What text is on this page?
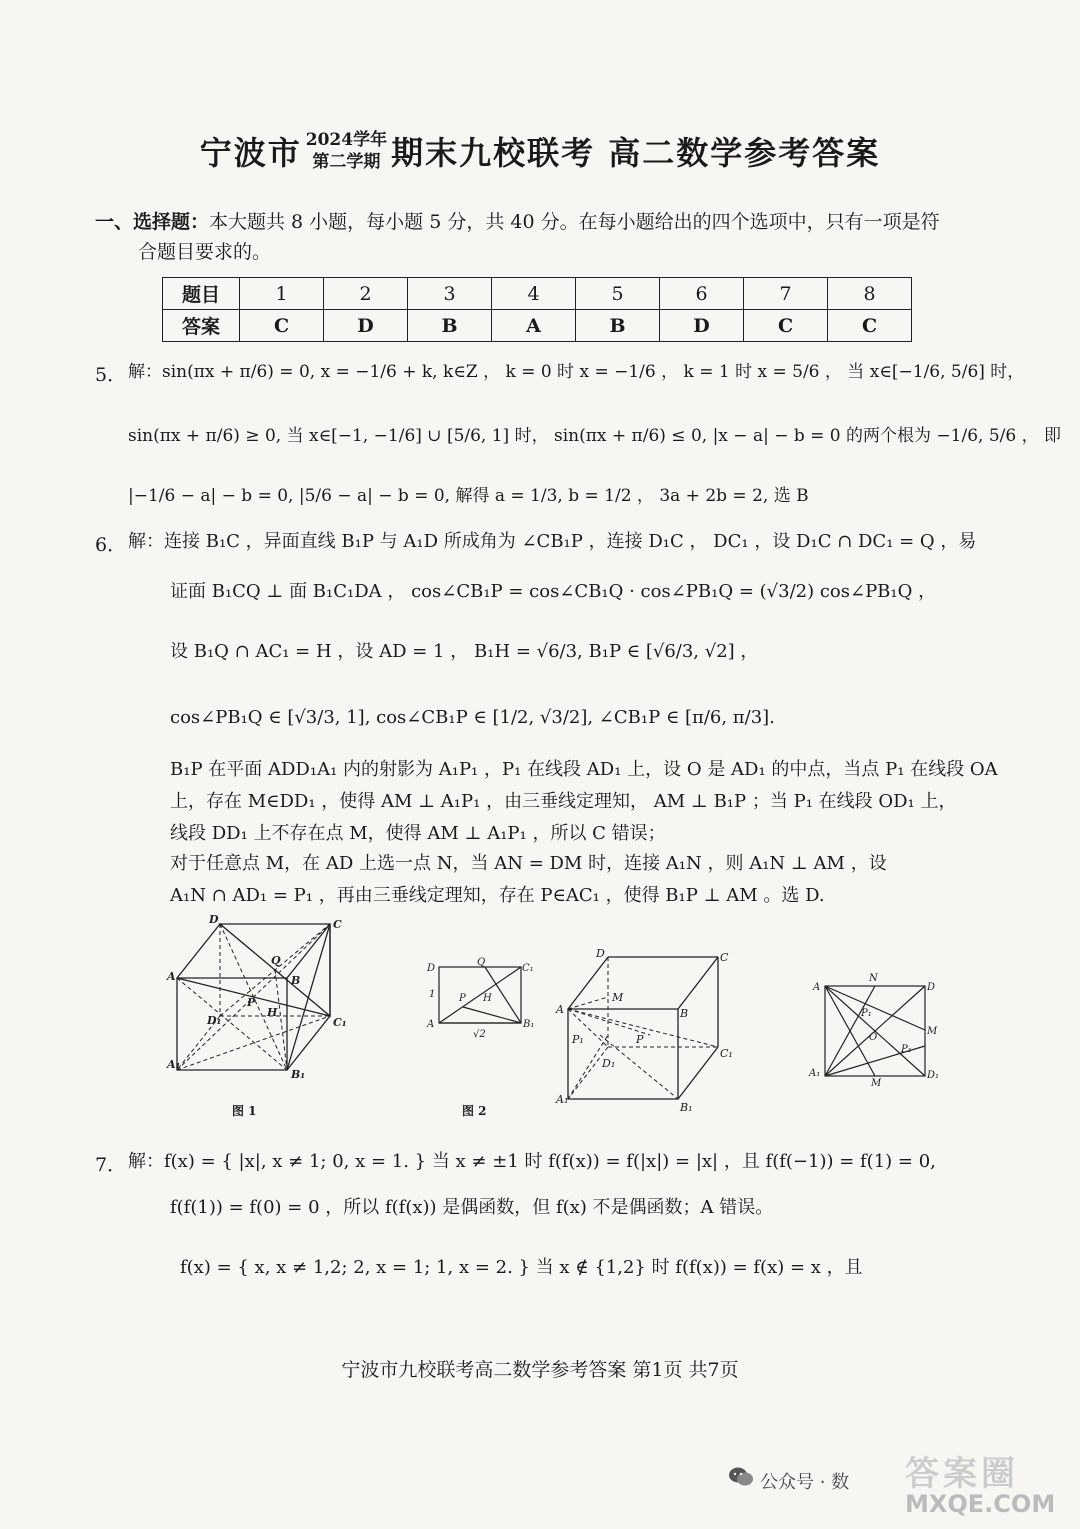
宁波市 2024学年
第二学期 期末九校联考 高二数学参考答案
一、选择题：本大题共 8 小题，每小题 5 分，共 40 分。在每小题给出的四个选项中，只有一项是符
合题目要求的。
题目	1	2	3	4	5	6	7	8
答案	C	D	B	A	B	D	C	C
5． 解：sin(πx + π/6) = 0, x = −1/6 + k, k∈Z ， k = 0 时 x = −1/6 ， k = 1 时 x = 5/6 ， 当 x∈[−1/6, 5/6] 时，
sin(πx + π/6) ≥ 0, 当 x∈[−1, −1/6] ∪ [5/6, 1] 时， sin(πx + π/6) ≤ 0, |x − a| − b = 0 的两个根为 −1/6, 5/6 ， 即
|−1/6 − a| − b = 0, |5/6 − a| − b = 0, 解得 a = 1/3, b = 1/2 ， 3a + 2b = 2, 选 B
6． 解：连接 B₁C ，异面直线 B₁P 与 A₁D 所成角为 ∠CB₁P ，连接 D₁C ， DC₁ ，设 D₁C ∩ DC₁ = Q ，易
证面 B₁CQ ⊥ 面 B₁C₁DA ， cos∠CB₁P = cos∠CB₁Q · cos∠PB₁Q = (√3/2) cos∠PB₁Q ，
设 B₁Q ∩ AC₁ = H ，设 AD = 1 ， B₁H = √6/3, B₁P ∈ [√6/3, √2] ，
cos∠PB₁Q ∈ [√3/3, 1], cos∠CB₁P ∈ [1/2, √3/2], ∠CB₁P ∈ [π/6, π/3].
B₁P 在平面 ADD₁A₁ 内的射影为 A₁P₁ ，P₁ 在线段 AD₁ 上，设 O 是 AD₁ 的中点，当点 P₁ 在线段 OA
上，存在 M∈DD₁ ，使得 AM ⊥ A₁P₁ ，由三垂线定理知， AM ⊥ B₁P ；当 P₁ 在线段 OD₁ 上，
线段 DD₁ 上不存在点 M，使得 AM ⊥ A₁P₁ ，所以 C 错误；
对于任意点 M，在 AD 上选一点 N，当 AN = DM 时，连接 A₁N ，则 A₁N ⊥ AM ，设
A₁N ∩ AD₁ = P₁ ，再由三垂线定理知，存在 P∈AC₁ ，使得 B₁P ⊥ AM 。选 D.
D	C
A	B
Q
P
H
D₁	C₁
A₁
B₁
图 1
D
Q
C₁
1 P H
A	B₁
√2
图 2
D	C
M
A	B
P₁	P
D₁
C₁
A₁
B₁
A
N
D
P₁
M
O
P₁
A₁
M
D₁
7． 解：f(x) = { |x|, x ≠ 1; 0, x = 1. } 当 x ≠ ±1 时 f(f(x)) = f(|x|) = |x| ，且 f(f(−1)) = f(1) = 0,
f(f(1)) = f(0) = 0 ，所以 f(f(x)) 是偶函数，但 f(x) 不是偶函数；A 错误。
f(x) = { x, x ≠ 1,2; 2, x = 1; 1, x = 2. } 当 x ∉ {1,2} 时 f(f(x)) = f(x) = x ，且
宁波市九校联考高二数学参考答案 第1页 共7页
公众号 · 数 答案圈
MXQE.COM
